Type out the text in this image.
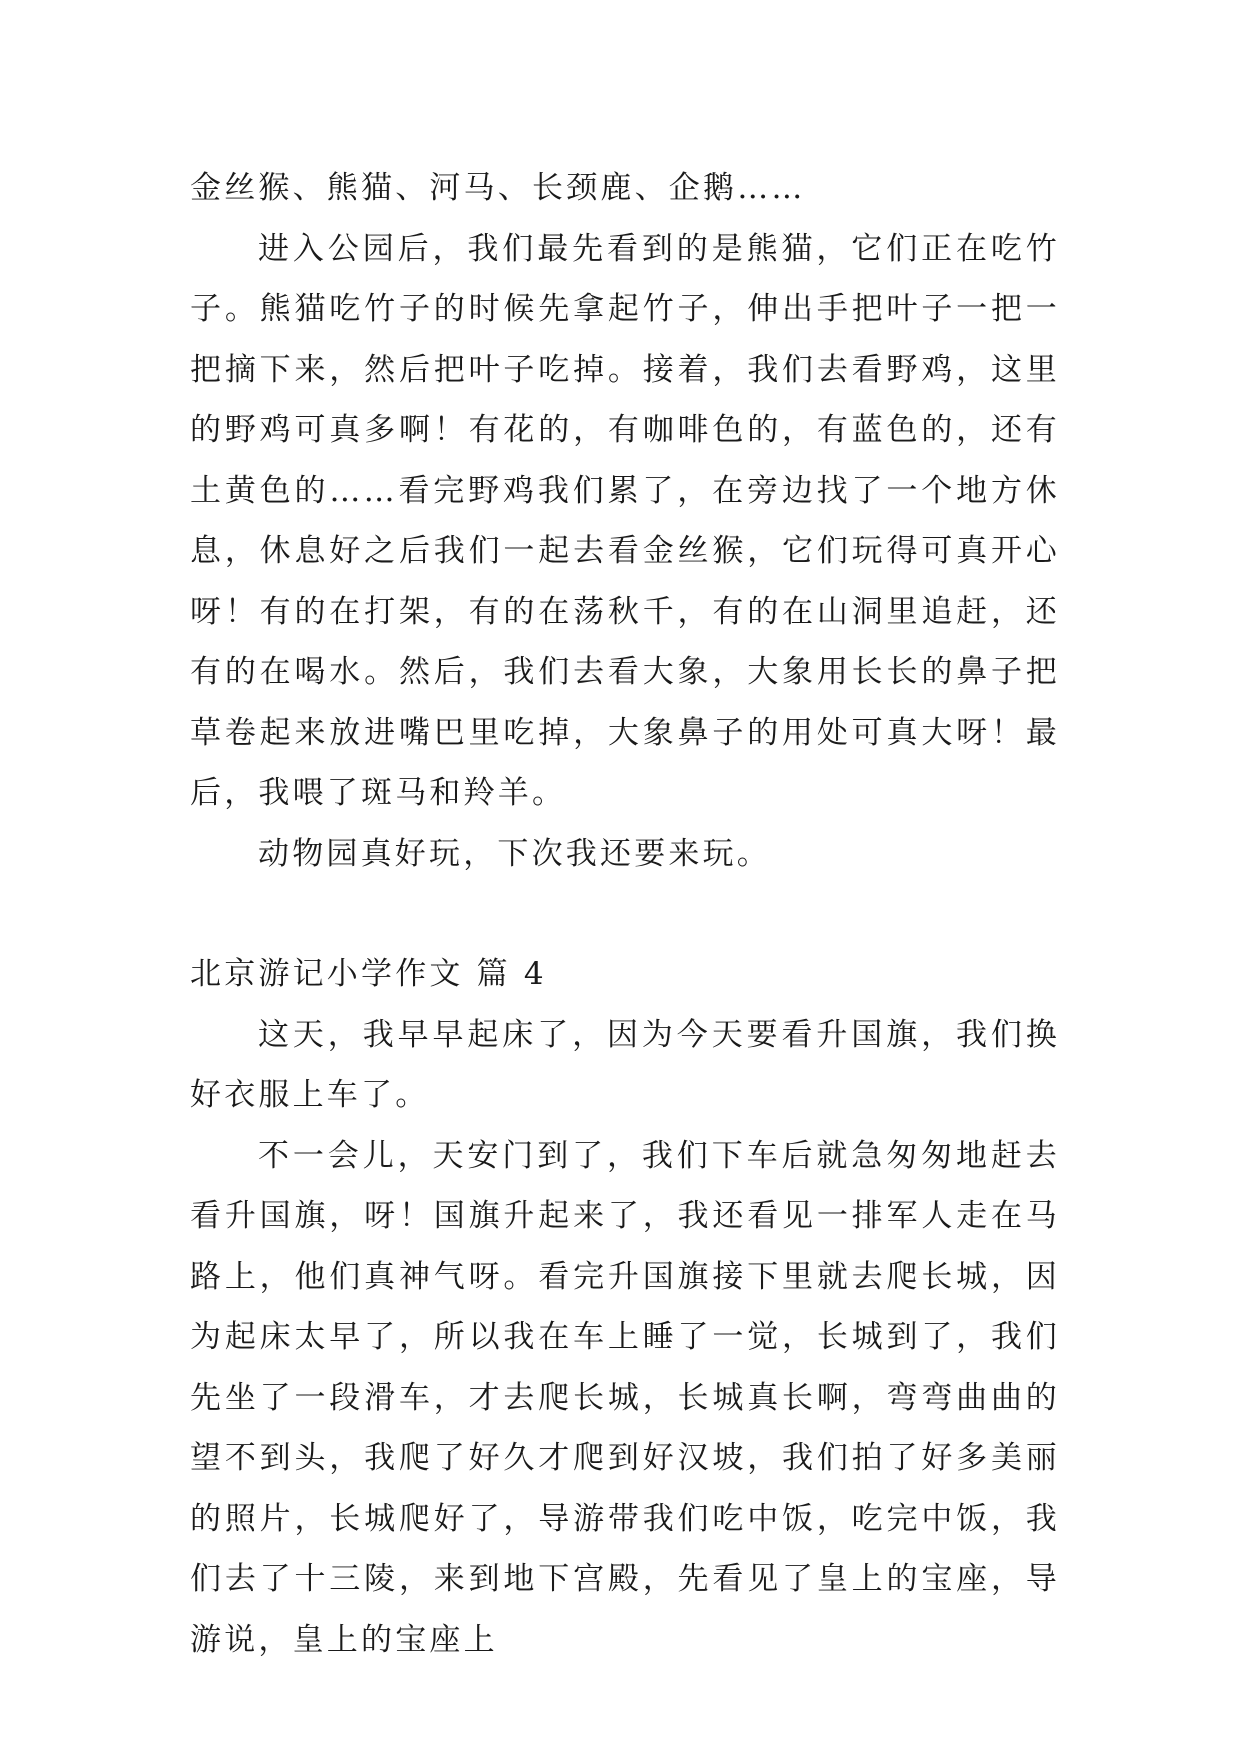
金丝猴、熊猫、河马、长颈鹿、企鹅……

进入公园后，我们最先看到的是熊猫，它们正在吃竹子。熊猫吃竹子的时候先拿起竹子，伸出手把叶子一把一把摘下来，然后把叶子吃掉。接着，我们去看野鸡，这里的野鸡可真多啊！有花的，有咖啡色的，有蓝色的，还有土黄色的……看完野鸡我们累了，在旁边找了一个地方休息，休息好之后我们一起去看金丝猴，它们玩得可真开心呀！有的在打架，有的在荡秋千，有的在山洞里追赶，还有的在喝水。然后，我们去看大象，大象用长长的鼻子把草卷起来放进嘴巴里吃掉，大象鼻子的用处可真大呀！最后，我喂了斑马和羚羊。

动物园真好玩，下次我还要来玩。

北京游记小学作文 篇 4

这天，我早早起床了，因为今天要看升国旗，我们换好衣服上车了。

不一会儿，天安门到了，我们下车后就急匆匆地赶去看升国旗，呀！国旗升起来了，我还看见一排军人走在马路上，他们真神气呀。看完升国旗接下里就去爬长城，因为起床太早了，所以我在车上睡了一觉，长城到了，我们先坐了一段滑车，才去爬长城，长城真长啊，弯弯曲曲的望不到头，我爬了好久才爬到好汉坡，我们拍了好多美丽的照片，长城爬好了，导游带我们吃中饭，吃完中饭，我们去了十三陵，来到地下宫殿，先看见了皇上的宝座，导游说，皇上的宝座上
